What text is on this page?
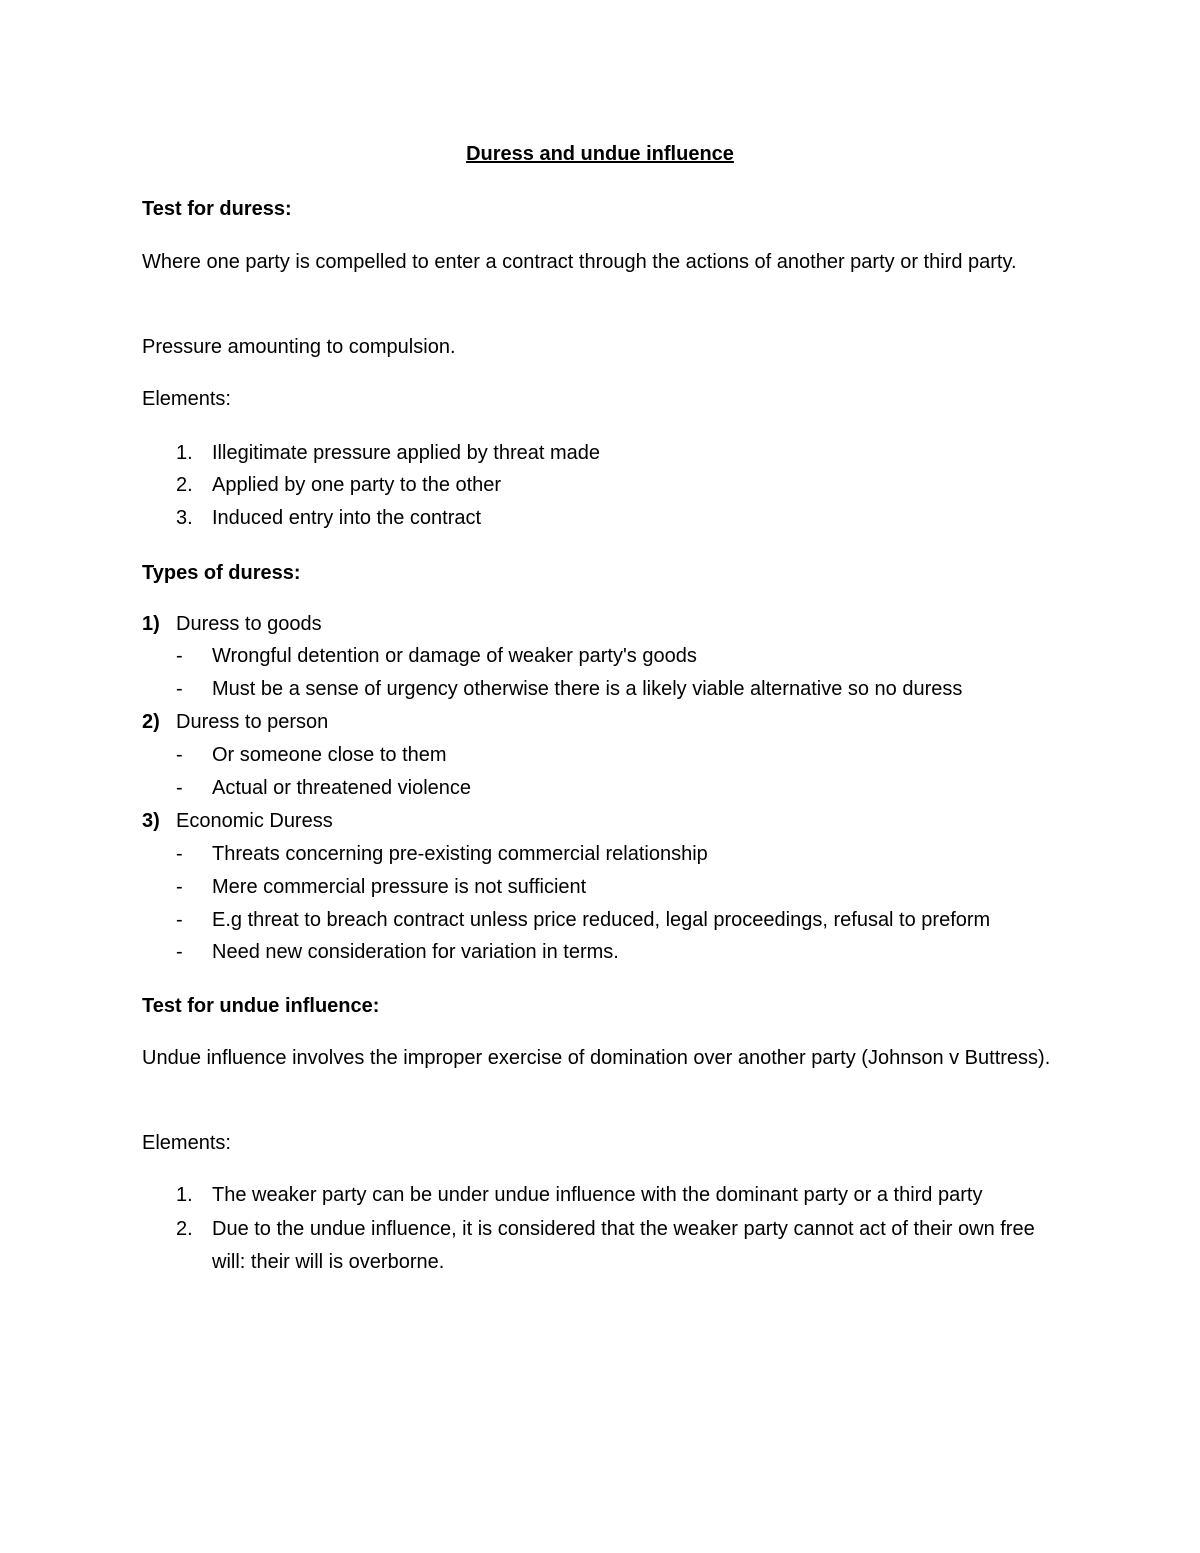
Duress and undue influence
Test for duress:
Where one party is compelled to enter a contract through the actions of another party or third party.
Pressure amounting to compulsion.
Elements:
1. Illegitimate pressure applied by threat made
2. Applied by one party to the other
3. Induced entry into the contract
Types of duress:
1) Duress to goods
- Wrongful detention or damage of weaker party's goods
- Must be a sense of urgency otherwise there is a likely viable alternative so no duress
2) Duress to person
- Or someone close to them
- Actual or threatened violence
3) Economic Duress
- Threats concerning pre-existing commercial relationship
- Mere commercial pressure is not sufficient
- E.g threat to breach contract unless price reduced, legal proceedings, refusal to preform
- Need new consideration for variation in terms.
Test for undue influence:
Undue influence involves the improper exercise of domination over another party (Johnson v Buttress).
Elements:
1. The weaker party can be under undue influence with the dominant party or a third party
2. Due to the undue influence, it is considered that the weaker party cannot act of their own free will: their will is overborne.
